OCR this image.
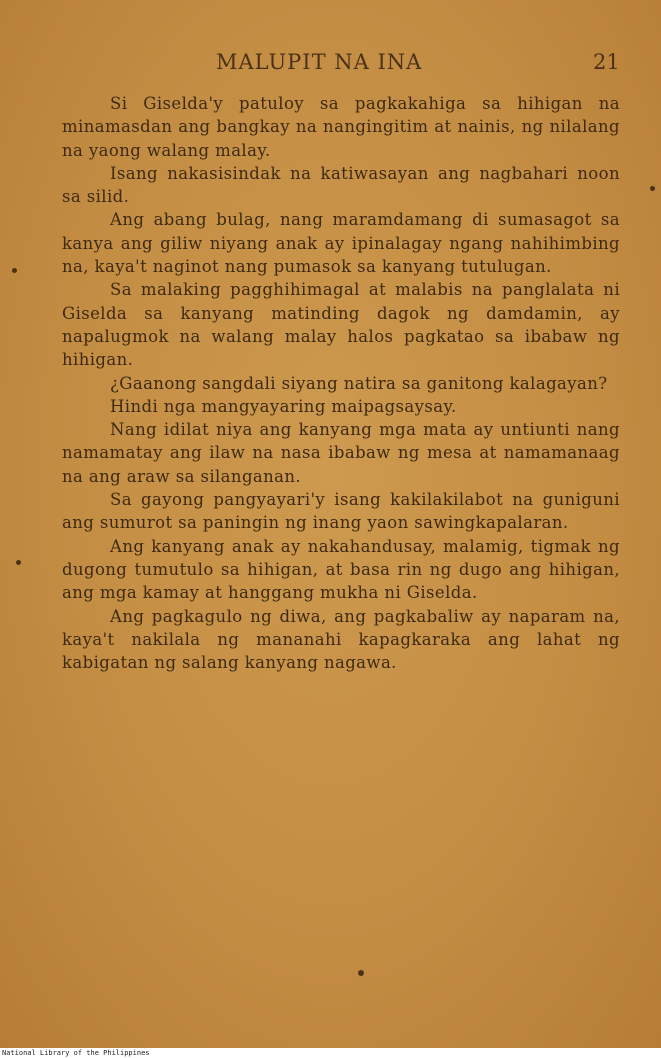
MALUPIT NA INA	21

Si Giselda'y patuloy sa pagkakahiga sa hihigan na minamasdan ang bangkay na nangingitim at nainis, ng nilalang na yaong walang malay.

Isang nakasisindak na katiwasayan ang nagbahari noon sa silid.

Ang abang bulag, nang maramdamang di sumasagot sa kanya ang giliw niyang anak ay ipinalagay ngang nahihimbing na, kaya't naginot nang pumasok sa kanyang tutulugan.

Sa malaking pagghihimagal at malabis na panglalata ni Giselda sa kanyang matinding dagok ng damdamin, ay napalugmok na walang malay halos pagkatao sa ibabaw ng hihigan.

¿Gaanong sangdali siyang natira sa ganitong kalagayan?

Hindi nga mangyayaring maipagsaysay.

Nang idilat niya ang kanyang mga mata ay untiunti nang namamatay ang ilaw na nasa ibabaw ng mesa at namamanaag na ang araw sa silanganan.

Sa gayong pangyayari'y isang kakilakilabot na guniguni ang sumurot sa paningin ng inang yaon sawingkapalaran.

Ang kanyang anak ay nakahandusay, malamig, tigmak ng dugong tumutulo sa hihigan, at basa rin ng dugo ang hihigan, ang mga kamay at hanggang mukha ni Giselda.

Ang pagkagulo ng diwa, ang pagkabaliw ay naparam na, kaya't nakilala ng mananahi kapagkaraka ang lahat ng kabigatan ng salang kanyang nagawa.

National Library of the Philippines
